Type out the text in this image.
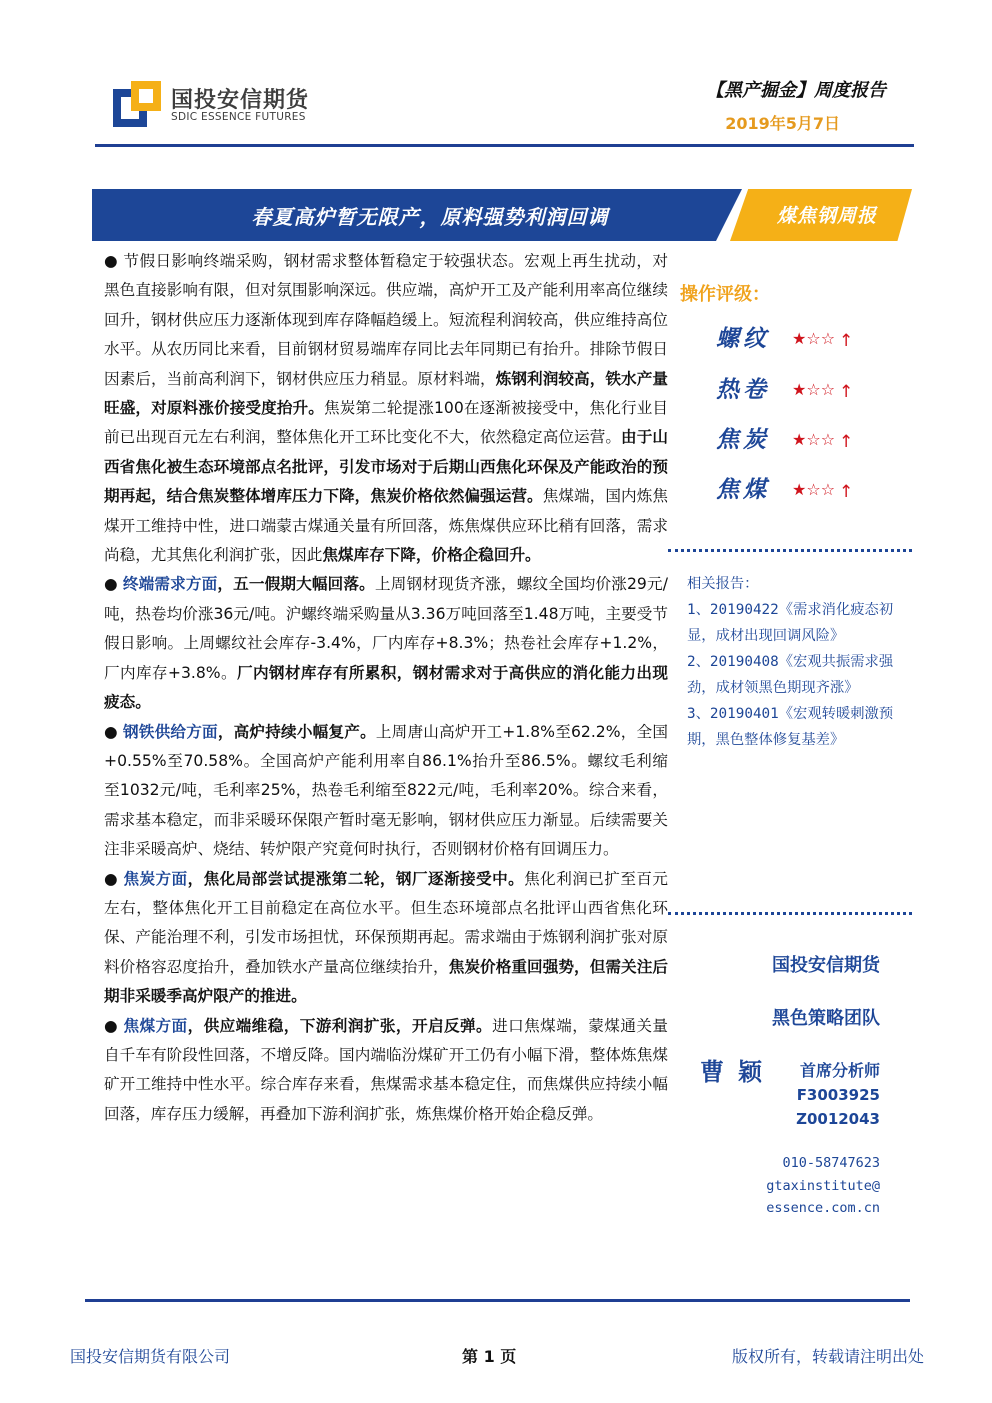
国投安信期货
SDIC ESSENCE FUTURES
【黑产掘金】周度报告
2019年5月7日
春夏高炉暂无限产，原料强势利润回调	煤焦钢周报

● 节假日影响终端采购，钢材需求整体暂稳定于较强状态。宏观上再生扰动，对黑色直接影响有限，但对氛围影响深远。供应端，高炉开工及产能利用率高位继续回升，钢材供应压力逐渐体现到库存降幅趋缓上。短流程利润较高，供应维持高位水平。从农历同比来看，目前钢材贸易端库存同比去年同期已有抬升。排除节假日因素后，当前高利润下，钢材供应压力稍显。原材料端，炼钢利润较高，铁水产量旺盛，对原料涨价接受度抬升。焦炭第二轮提涨100在逐渐被接受中，焦化行业目前已出现百元左右利润，整体焦化开工环比变化不大，依然稳定高位运营。由于山西省焦化被生态环境部点名批评，引发市场对于后期山西焦化环保及产能政治的预期再起，结合焦炭整体增库压力下降，焦炭价格依然偏强运营。焦煤端，国内炼焦煤开工维持中性，进口端蒙古煤通关量有所回落，炼焦煤供应环比稍有回落，需求尚稳，尤其焦化利润扩张，因此焦煤库存下降，价格企稳回升。

● 终端需求方面，五一假期大幅回落。上周钢材现货齐涨，螺纹全国均价涨29元/吨，热卷均价涨36元/吨。沪螺终端采购量从3.36万吨回落至1.48万吨，主要受节假日影响。上周螺纹社会库存-3.4%，厂内库存+8.3%；热卷社会库存+1.2%，厂内库存+3.8%。厂内钢材库存有所累积，钢材需求对于高供应的消化能力出现疲态。

● 钢铁供给方面，高炉持续小幅复产。上周唐山高炉开工+1.8%至62.2%，全国+0.55%至70.58%。全国高炉产能利用率自86.1%抬升至86.5%。螺纹毛利缩至1032元/吨，毛利率25%，热卷毛利缩至822元/吨，毛利率20%。综合来看，需求基本稳定，而非采暖环保限产暂时毫无影响，钢材供应压力渐显。后续需要关注非采暖高炉、烧结、转炉限产究竟何时执行，否则钢材价格有回调压力。

● 焦炭方面，焦化局部尝试提涨第二轮，钢厂逐渐接受中。焦化利润已扩至百元左右，整体焦化开工目前稳定在高位水平。但生态环境部点名批评山西省焦化环保、产能治理不利，引发市场担忧，环保预期再起。需求端由于炼钢利润扩张对原料价格容忍度抬升，叠加铁水产量高位继续抬升，焦炭价格重回强势，但需关注后期非采暖季高炉限产的推进。

● 焦煤方面，供应端维稳，下游利润扩张，开启反弹。进口焦煤端，蒙煤通关量自千车有阶段性回落，不增反降。国内端临汾煤矿开工仍有小幅下滑，整体炼焦煤矿开工维持中性水平。综合库存来看，焦煤需求基本稳定住，而焦煤供应持续小幅回落，库存压力缓解，再叠加下游利润扩张，炼焦煤价格开始企稳反弹。

操作评级：
螺纹 ★☆☆ ↑
热卷 ★☆☆ ↑
焦炭 ★☆☆ ↑
焦煤 ★☆☆ ↑

相关报告：

1、20190422《需求消化疲态初显，成材出现回调风险》

2、20190408《宏观共振需求强劲，成材领黑色期现齐涨》

3、20190401《宏观转暖刺激预期，黑色整体修复基差》

国投安信期货
黑色策略团队
曹颖 首席分析师
F3003925
Z0012043
010-58747623
gtaxinstitute@
essence.com.cn
国投安信期货有限公司	第 1 页	版权所有，转载请注明出处
